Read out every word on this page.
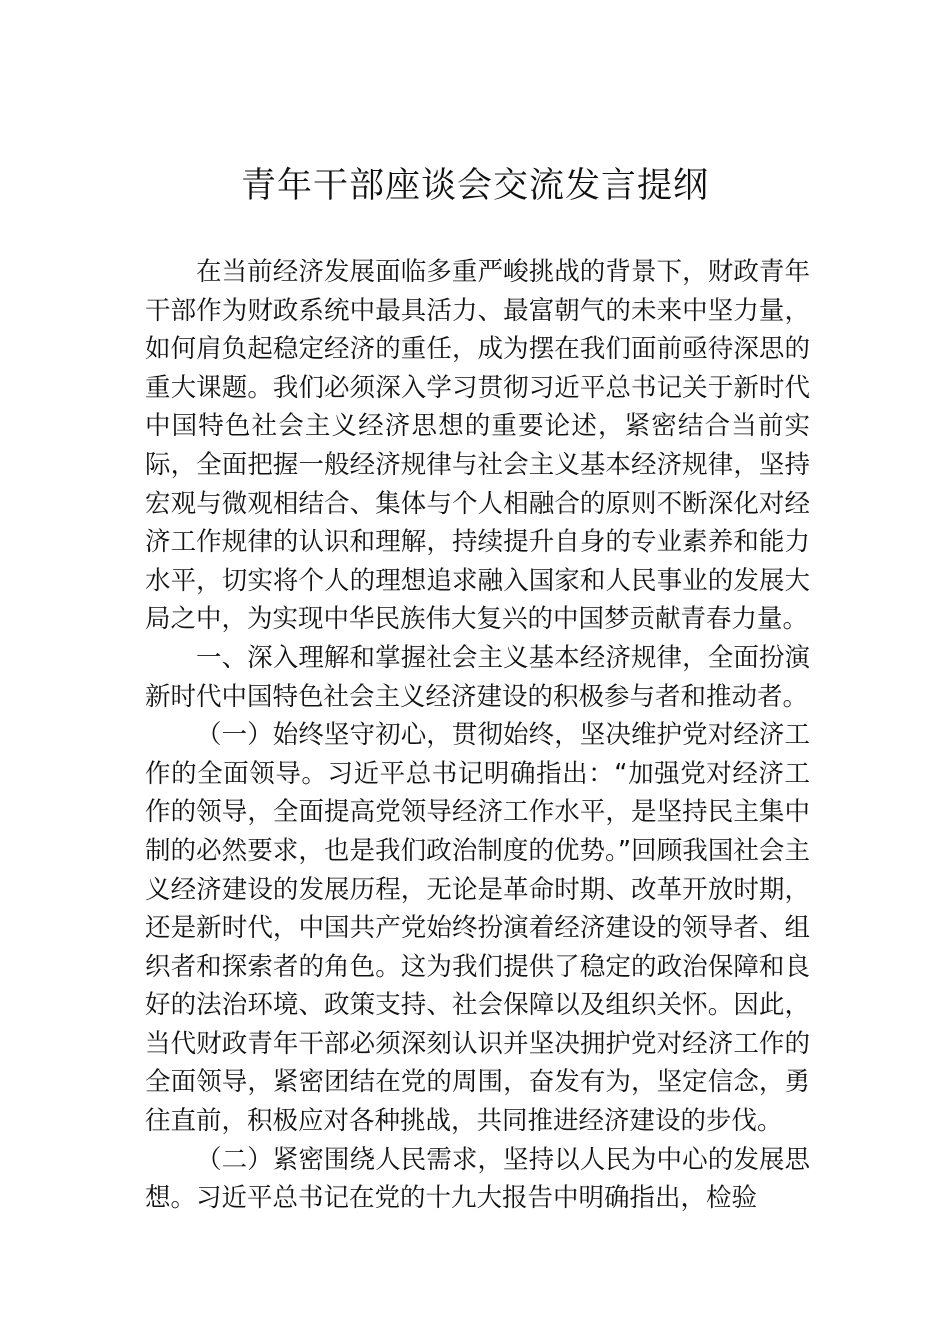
青年干部座谈会交流发言提纲

在当前经济发展面临多重严峻挑战的背景下，财政青年干部作为财政系统中最具活力、最富朝气的未来中坚力量，如何肩负起稳定经济的重任，成为摆在我们面前亟待深思的重大课题。我们必须深入学习贯彻习近平总书记关于新时代中国特色社会主义经济思想的重要论述，紧密结合当前实际，全面把握一般经济规律与社会主义基本经济规律，坚持宏观与微观相结合、集体与个人相融合的原则不断深化对经济工作规律的认识和理解，持续提升自身的专业素养和能力水平，切实将个人的理想追求融入国家和人民事业的发展大局之中，为实现中华民族伟大复兴的中国梦贡献青春力量。

一、深入理解和掌握社会主义基本经济规律，全面扮演新时代中国特色社会主义经济建设的积极参与者和推动者。

（一）始终坚守初心，贯彻始终，坚决维护党对经济工作的全面领导。习近平总书记明确指出：“加强党对经济工作的领导，全面提高党领导经济工作水平，是坚持民主集中制的必然要求，也是我们政治制度的优势。”回顾我国社会主义经济建设的发展历程，无论是革命时期、改革开放时期，还是新时代，中国共产党始终扮演着经济建设的领导者、组织者和探索者的角色。这为我们提供了稳定的政治保障和良好的法治环境、政策支持、社会保障以及组织关怀。因此，当代财政青年干部必须深刻认识并坚决拥护党对经济工作的全面领导，紧密团结在党的周围，奋发有为，坚定信念，勇往直前，积极应对各种挑战，共同推进经济建设的步伐。

（二）紧密围绕人民需求，坚持以人民为中心的发展思想。习近平总书记在党的十九大报告中明确指出，检验
